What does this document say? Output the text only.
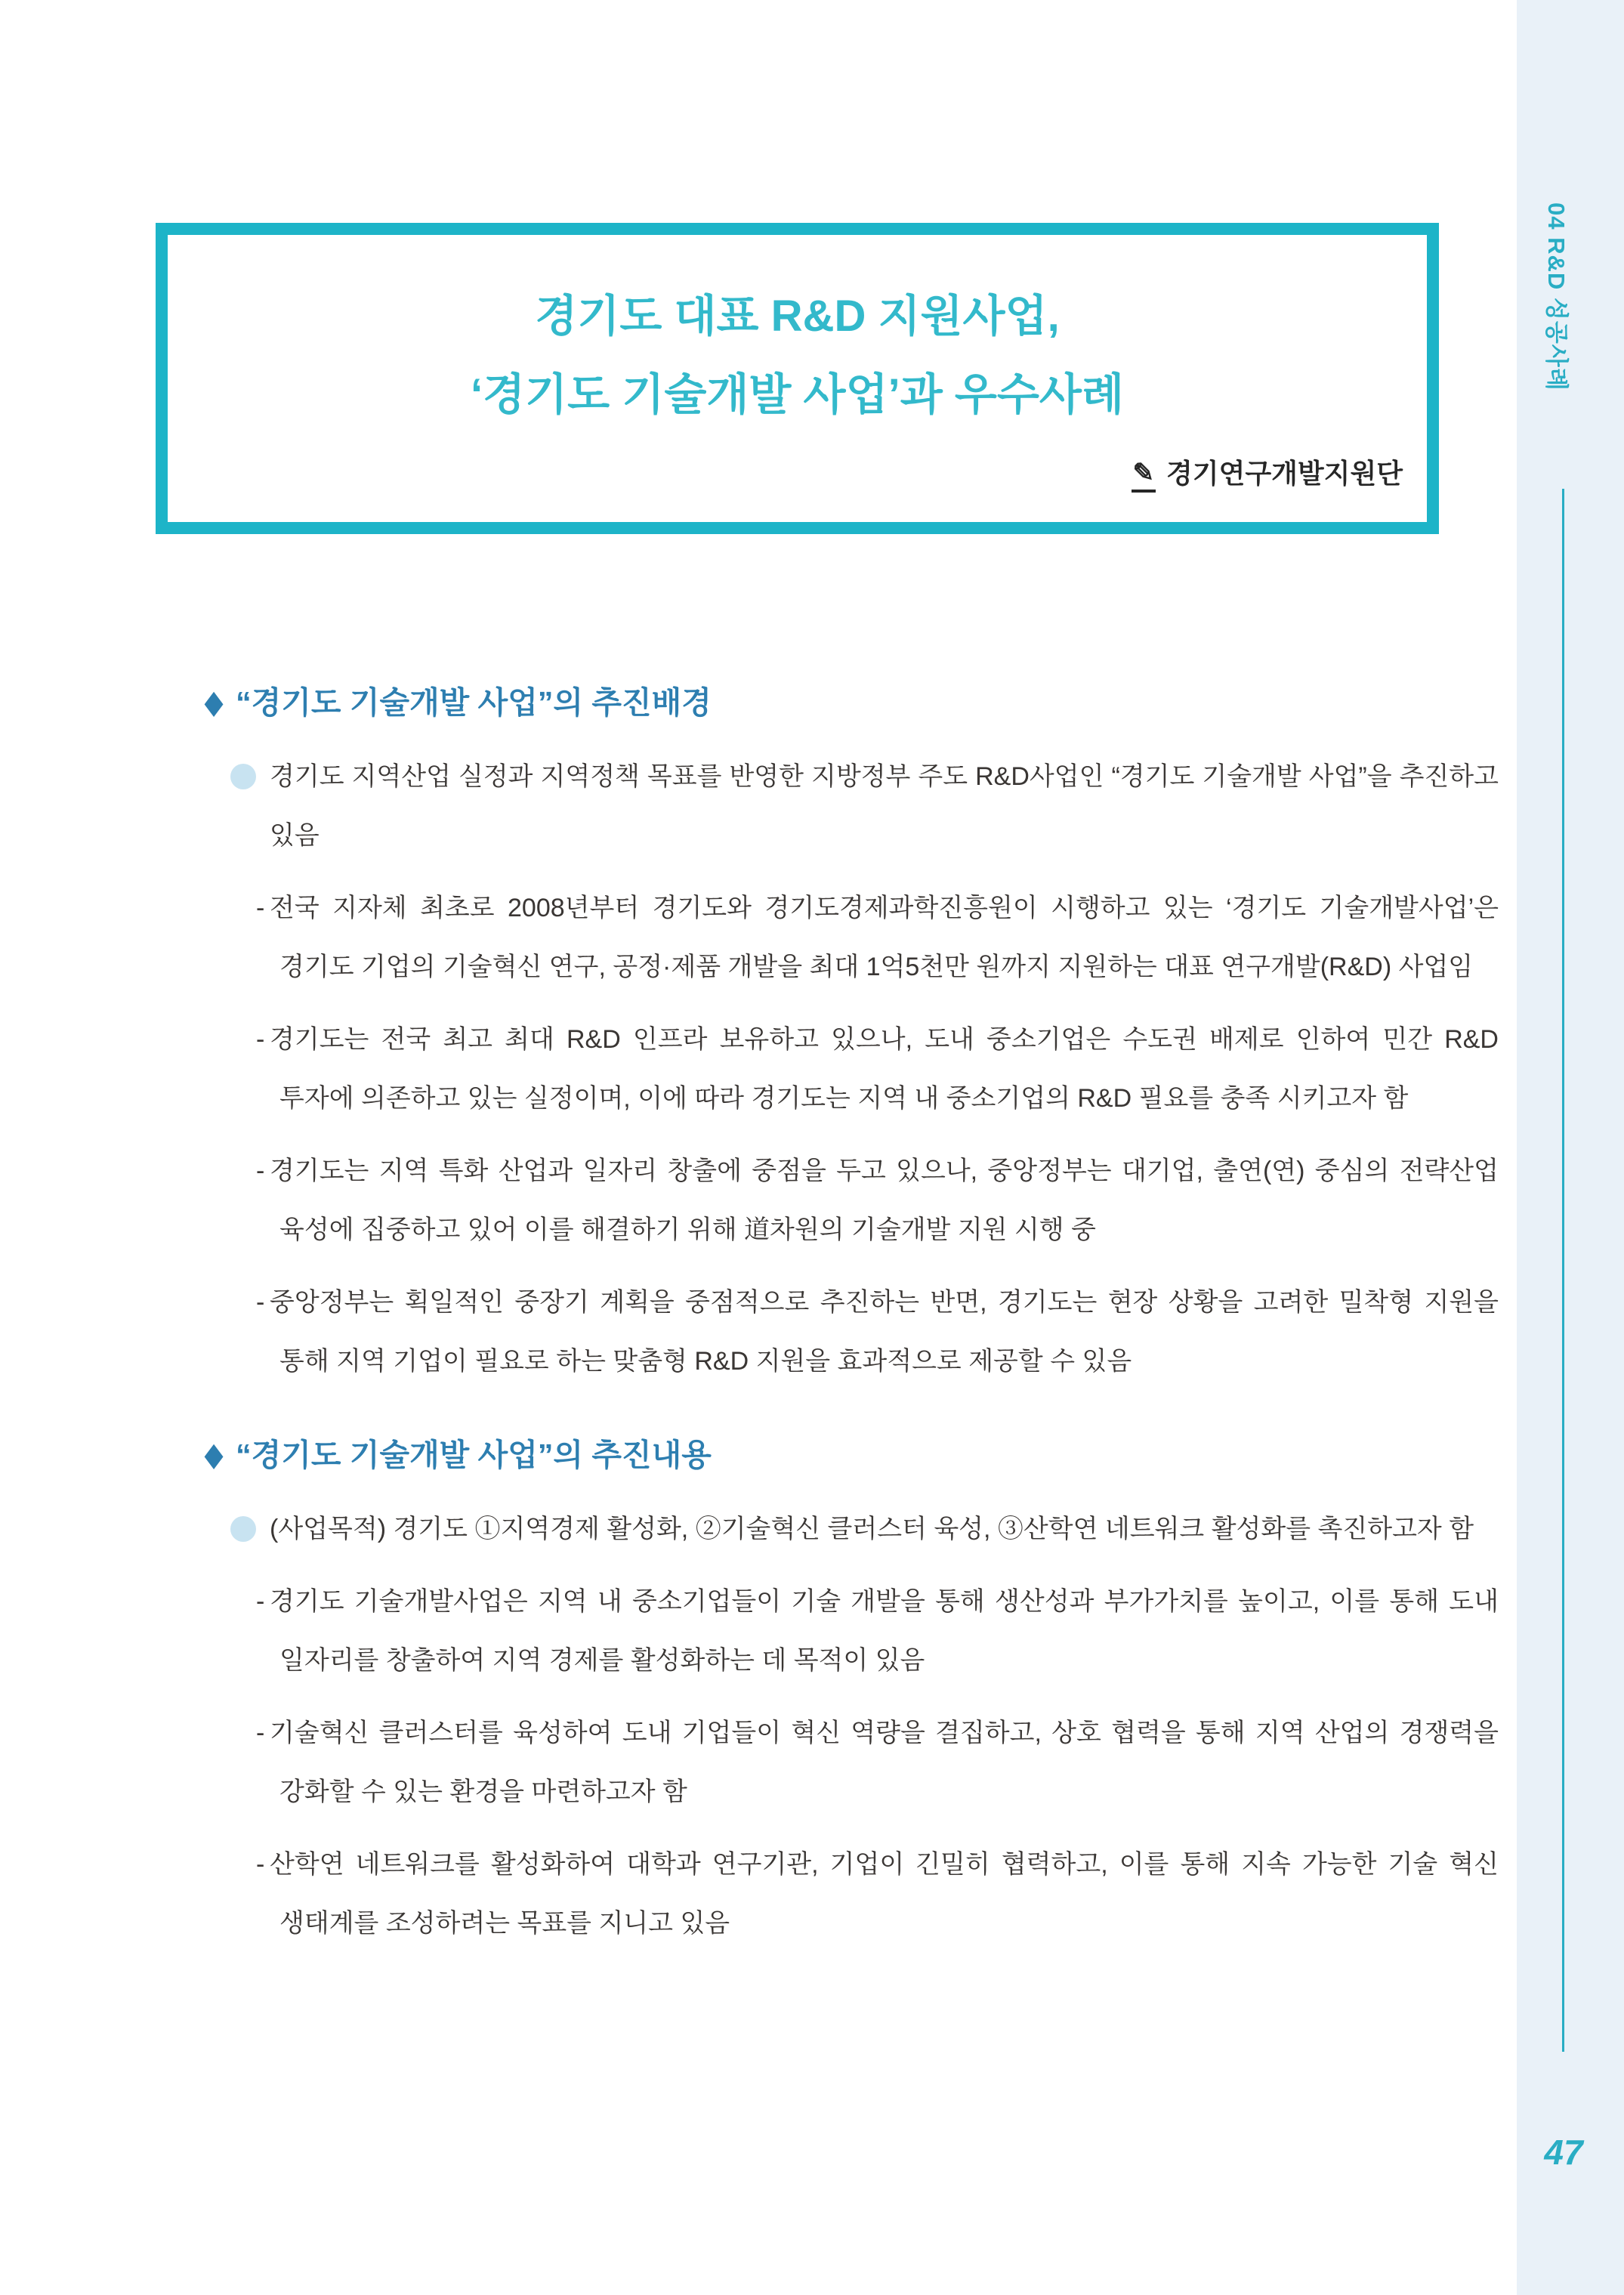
04 R&D 성공사례
47
경기도 대표 R&D 지원사업,
‘경기도 기술개발 사업’과 우수사례
✎ 경기연구개발지원단
◆ “경기도 기술개발 사업”의 추진배경

경기도 지역산업 실정과 지역정책 목표를 반영한 지방정부 주도 R&D사업인 “경기도 기술개발 사업”을 추진하고 있음

- 전국 지자체 최초로 2008년부터 경기도와 경기도경제과학진흥원이 시행하고 있는 ‘경기도 기술개발사업’은 경기도 기업의 기술혁신 연구, 공정·제품 개발을 최대 1억5천만 원까지 지원하는 대표 연구개발(R&D) 사업임

- 경기도는 전국 최고 최대 R&D 인프라 보유하고 있으나, 도내 중소기업은 수도권 배제로 인하여 민간 R&D 투자에 의존하고 있는 실정이며, 이에 따라 경기도는 지역 내 중소기업의 R&D 필요를 충족 시키고자 함

- 경기도는 지역 특화 산업과 일자리 창출에 중점을 두고 있으나, 중앙정부는 대기업, 출연(연) 중심의 전략산업 육성에 집중하고 있어 이를 해결하기 위해 道차원의 기술개발 지원 시행 중

- 중앙정부는 획일적인 중장기 계획을 중점적으로 추진하는 반면, 경기도는 현장 상황을 고려한 밀착형 지원을 통해 지역 기업이 필요로 하는 맞춤형 R&D 지원을 효과적으로 제공할 수 있음

◆ “경기도 기술개발 사업”의 추진내용

(사업목적) 경기도 ①지역경제 활성화, ②기술혁신 클러스터 육성, ③산학연 네트워크 활성화를 촉진하고자 함

- 경기도 기술개발사업은 지역 내 중소기업들이 기술 개발을 통해 생산성과 부가가치를 높이고, 이를 통해 도내 일자리를 창출하여 지역 경제를 활성화하는 데 목적이 있음

- 기술혁신 클러스터를 육성하여 도내 기업들이 혁신 역량을 결집하고, 상호 협력을 통해 지역 산업의 경쟁력을 강화할 수 있는 환경을 마련하고자 함

- 산학연 네트워크를 활성화하여 대학과 연구기관, 기업이 긴밀히 협력하고, 이를 통해 지속 가능한 기술 혁신 생태계를 조성하려는 목표를 지니고 있음
